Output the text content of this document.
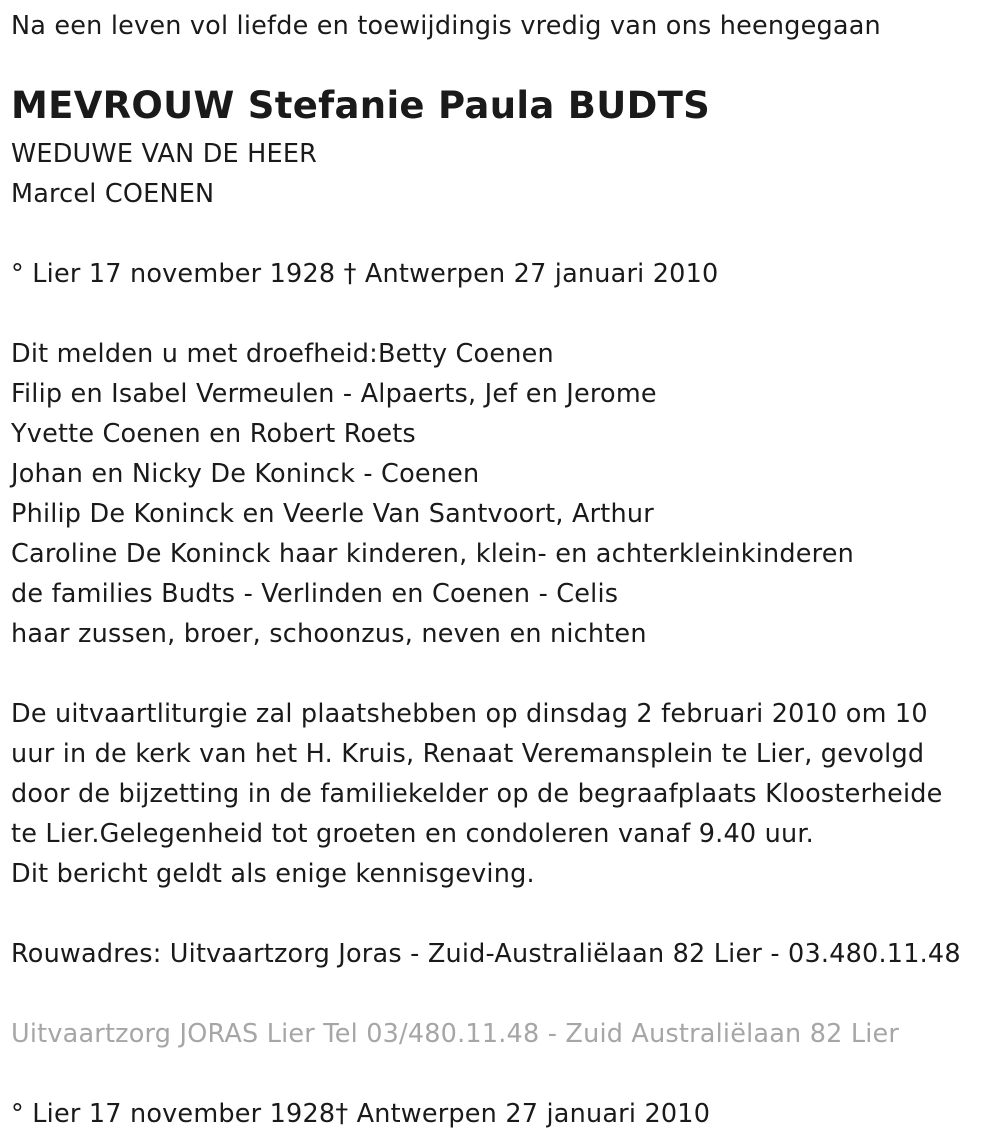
Na een leven vol liefde en toewijdingis vredig van ons heengegaan
MEVROUW Stefanie Paula BUDTS
WEDUWE VAN DE HEER
Marcel COENEN
° Lier 17 november 1928 † Antwerpen 27 januari 2010
Dit melden u met droefheid:Betty Coenen
Filip en Isabel Vermeulen - Alpaerts, Jef en Jerome
Yvette Coenen en Robert Roets
Johan en Nicky De Koninck - Coenen
Philip De Koninck en Veerle Van Santvoort, Arthur
Caroline De Koninck haar kinderen, klein- en achterkleinkinderen
de families Budts - Verlinden en Coenen - Celis
haar zussen, broer, schoonzus, neven en nichten
De uitvaartliturgie zal plaatshebben op dinsdag 2 februari 2010 om 10
uur in de kerk van het H. Kruis, Renaat Veremansplein te Lier, gevolgd
door de bijzetting in de familiekelder op de begraafplaats Kloosterheide
te Lier.Gelegenheid tot groeten en condoleren vanaf 9.40 uur.
Dit bericht geldt als enige kennisgeving.
Rouwadres: Uitvaartzorg Joras - Zuid-Australiëlaan 82 Lier - 03.480.11.48
Uitvaartzorg JORAS Lier Tel 03/480.11.48 - Zuid Australiëlaan 82 Lier
° Lier 17 november 1928† Antwerpen 27 januari 2010
